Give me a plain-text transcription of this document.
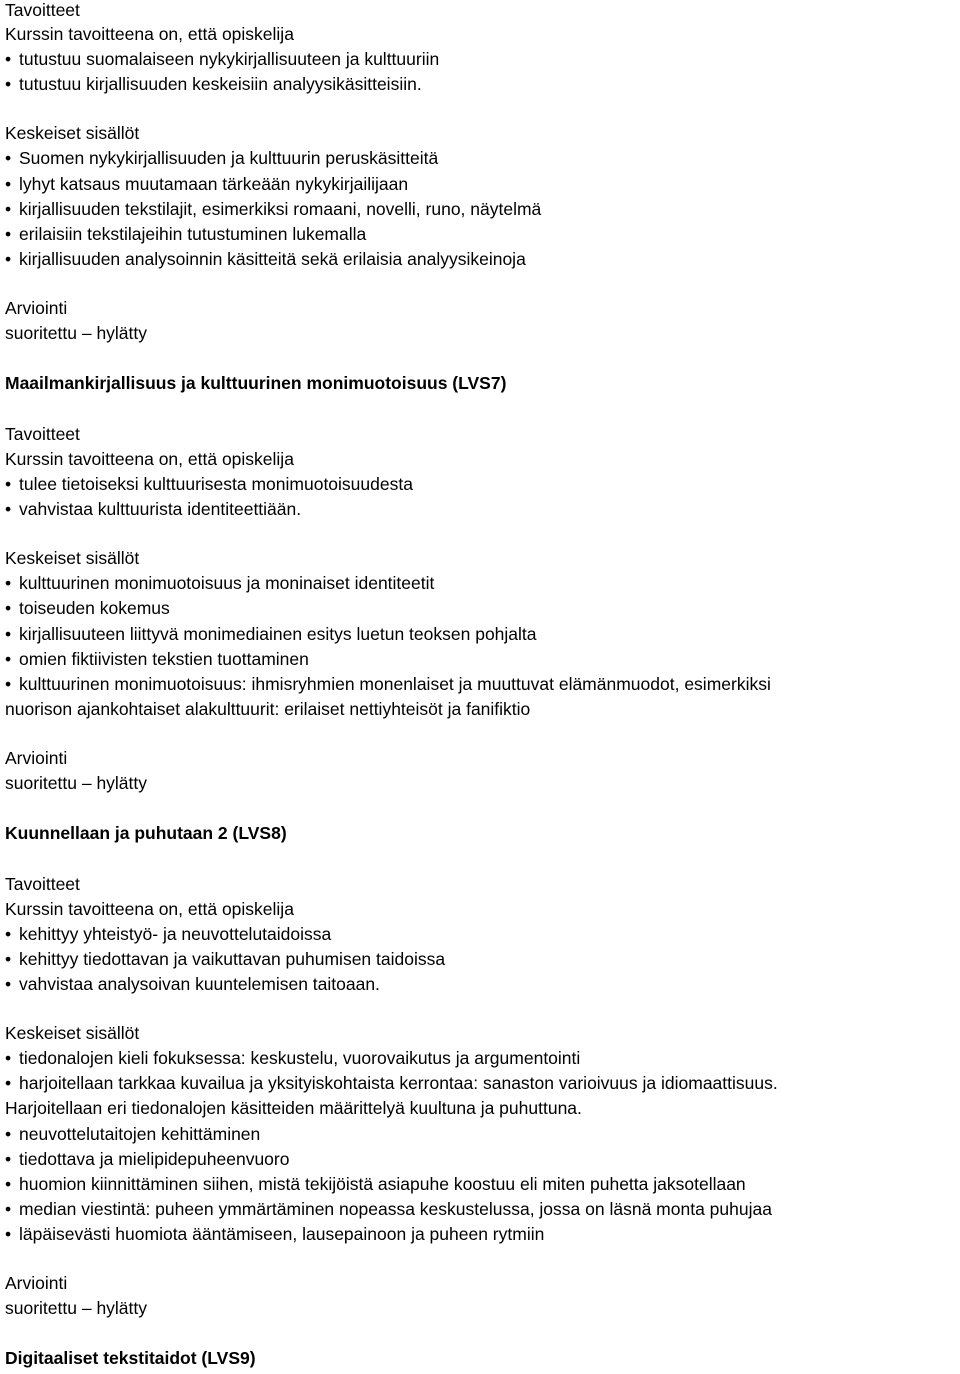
Tavoitteet
Kurssin tavoitteena on, että opiskelija
• tutustuu suomalaiseen nykykirjallisuuteen ja kulttuuriin
• tutustuu kirjallisuuden keskeisiin analyysikäsitteisiin.
Keskeiset sisällöt
• Suomen nykykirjallisuuden ja kulttuurin peruskäsitteitä
• lyhyt katsaus muutamaan tärkeään nykykirjailijaan
• kirjallisuuden tekstilajit, esimerkiksi romaani, novelli, runo, näytelmä
• erilaisiin tekstilajeihin tutustuminen lukemalla
• kirjallisuuden analysoinnin käsitteitä sekä erilaisia analyysikeinoja
Arviointi
suoritettu – hylätty
Maailmankirjallisuus ja kulttuurinen monimuotoisuus (LVS7)
Tavoitteet
Kurssin tavoitteena on, että opiskelija
• tulee tietoiseksi kulttuurisesta monimuotoisuudesta
• vahvistaa kulttuurista identiteettiään.
Keskeiset sisällöt
• kulttuurinen monimuotoisuus ja moninaiset identiteetit
• toiseuden kokemus
• kirjallisuuteen liittyvä monimediainen esitys luetun teoksen pohjalta
• omien fiktiivisten tekstien tuottaminen
• kulttuurinen monimuotoisuus: ihmisryhmien monenlaiset ja muuttuvat elämänmuodot, esimerkiksi
nuorison ajankohtaiset alakulttuurit: erilaiset nettiyhteisöt ja fanifiktio
Arviointi
suoritettu – hylätty
Kuunnellaan ja puhutaan 2 (LVS8)
Tavoitteet
Kurssin tavoitteena on, että opiskelija
• kehittyy yhteistyö- ja neuvottelutaidoissa
• kehittyy tiedottavan ja vaikuttavan puhumisen taidoissa
• vahvistaa analysoivan kuuntelemisen taitoaan.
Keskeiset sisällöt
• tiedonalojen kieli fokuksessa: keskustelu, vuorovaikutus ja argumentointi
• harjoitellaan tarkkaa kuvailua ja yksityiskohtaista kerrontaa: sanaston varioivuus ja idiomaattisuus.
Harjoitellaan eri tiedonalojen käsitteiden määrittelyä kuultuna ja puhuttuna.
• neuvottelutaitojen kehittäminen
• tiedottava ja mielipidepuheenvuoro
• huomion kiinnittäminen siihen, mistä tekijöistä asiapuhe koostuu eli miten puhetta jaksotellaan
• median viestintä: puheen ymmärtäminen nopeassa keskustelussa, jossa on läsnä monta puhujaa
• läpäisevästi huomiota ääntämiseen, lausepainoon ja puheen rytmiin
Arviointi
suoritettu – hylätty
Digitaaliset tekstitaidot (LVS9)
